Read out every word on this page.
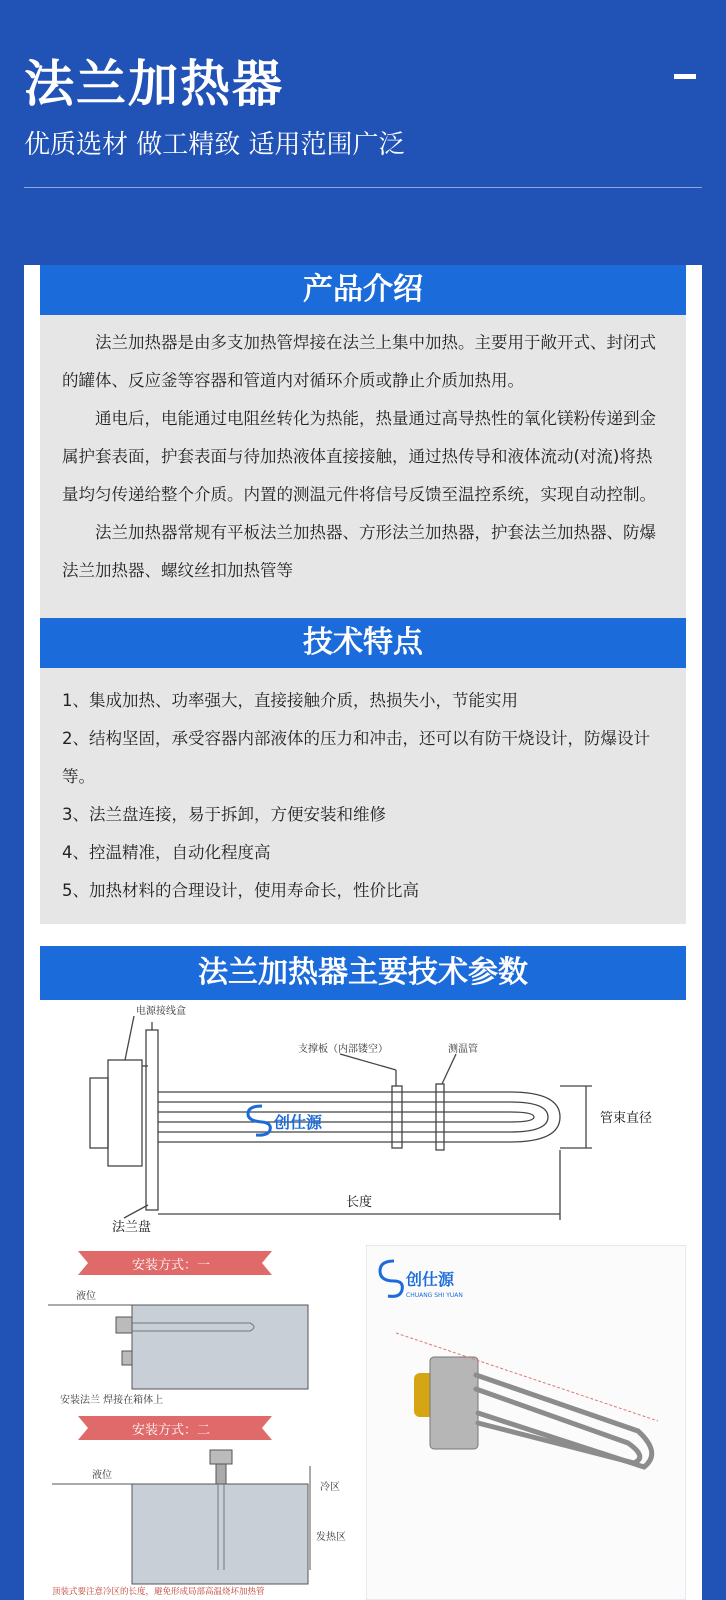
法兰加热器
优质选材 做工精致 适用范围广泛
产品介绍

法兰加热器是由多支加热管焊接在法兰上集中加热。主要用于敞开式、封闭式的罐体、反应釜等容器和管道内对循环介质或静止介质加热用。

通电后，电能通过电阻丝转化为热能，热量通过高导热性的氧化镁粉传递到金属护套表面，护套表面与待加热液体直接接触，通过热传导和液体流动(对流)将热量均匀传递给整个介质。内置的测温元件将信号反馈至温控系统，实现自动控制。

法兰加热器常规有平板法兰加热器、方形法兰加热器，护套法兰加热器、防爆法兰加热器、螺纹丝扣加热管等

技术特点
1、集成加热、功率强大，直接接触介质，热损失小，节能实用
2、结构坚固，承受容器内部液体的压力和冲击，还可以有防干烧设计，防爆设计等。
3、法兰盘连接，易于拆卸，方便安装和维修
4、控温精准，自动化程度高
5、加热材料的合理设计，使用寿命长，性价比高
法兰加热器主要技术参数
电源接线盒
支撑板（内部镂空）	测温管
管束直径
法兰盘
长度
创仕源
安装方式：一
液位
安装法兰 焊接在箱体上
安装方式：二
液位
冷区
发热区
顶装式要注意冷区的长度，避免形成局部高温烧坏加热管
创仕源
CHUANG SHI YUAN
